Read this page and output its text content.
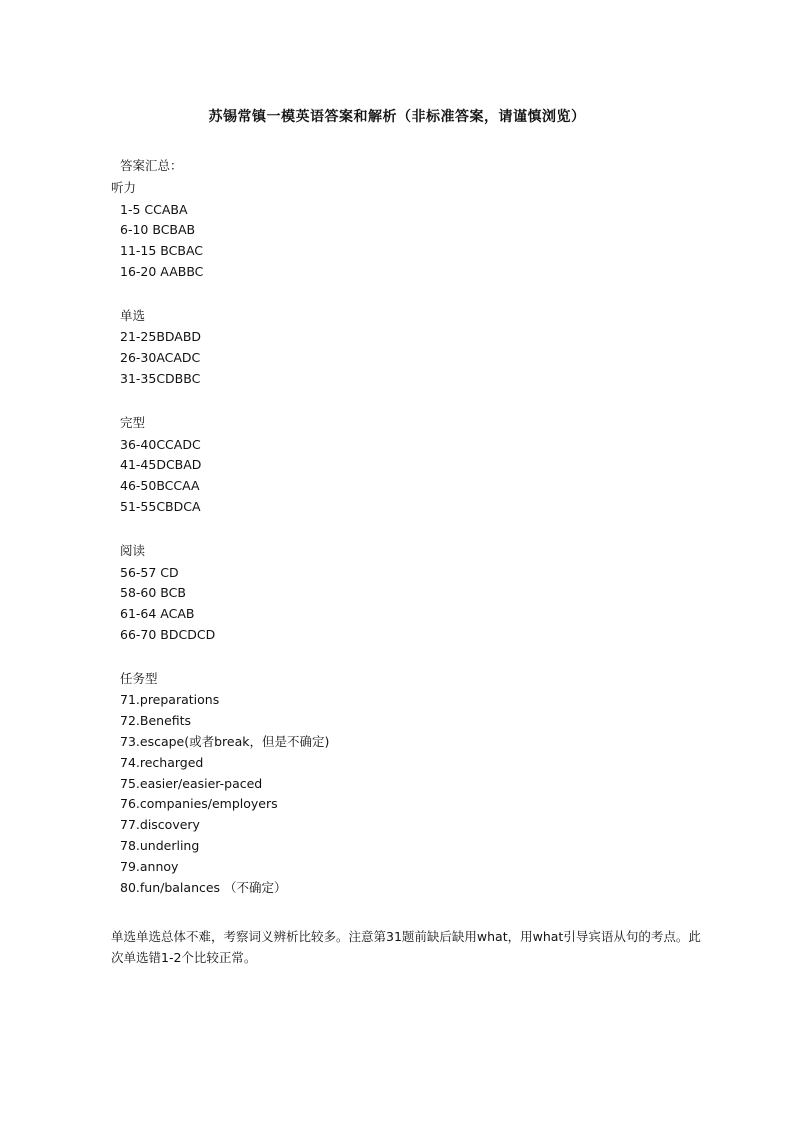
苏锡常镇一模英语答案和解析（非标准答案，请谨慎浏览）
答案汇总：
听力
1-5 CCABA
6-10 BCBAB
11-15 BCBAC
16-20 AABBC
单选
21-25BDABD
26-30ACADC
31-35CDBBC
完型
36-40CCADC
41-45DCBAD
46-50BCCAA
51-55CBDCA
阅读
56-57 CD
58-60 BCB
61-64 ACAB
66-70 BDCDCD
任务型
71.preparations
72.Benefits
73.escape(或者break，但是不确定)
74.recharged
75.easier/easier-paced
76.companies/employers
77.discovery
78.underling
79.annoy
80.fun/balances （不确定）
单选单选总体不难，考察词义辨析比较多。注意第31题前缺后缺用what，用what引导宾语从句的考点。此次单选错1-2个比较正常。
